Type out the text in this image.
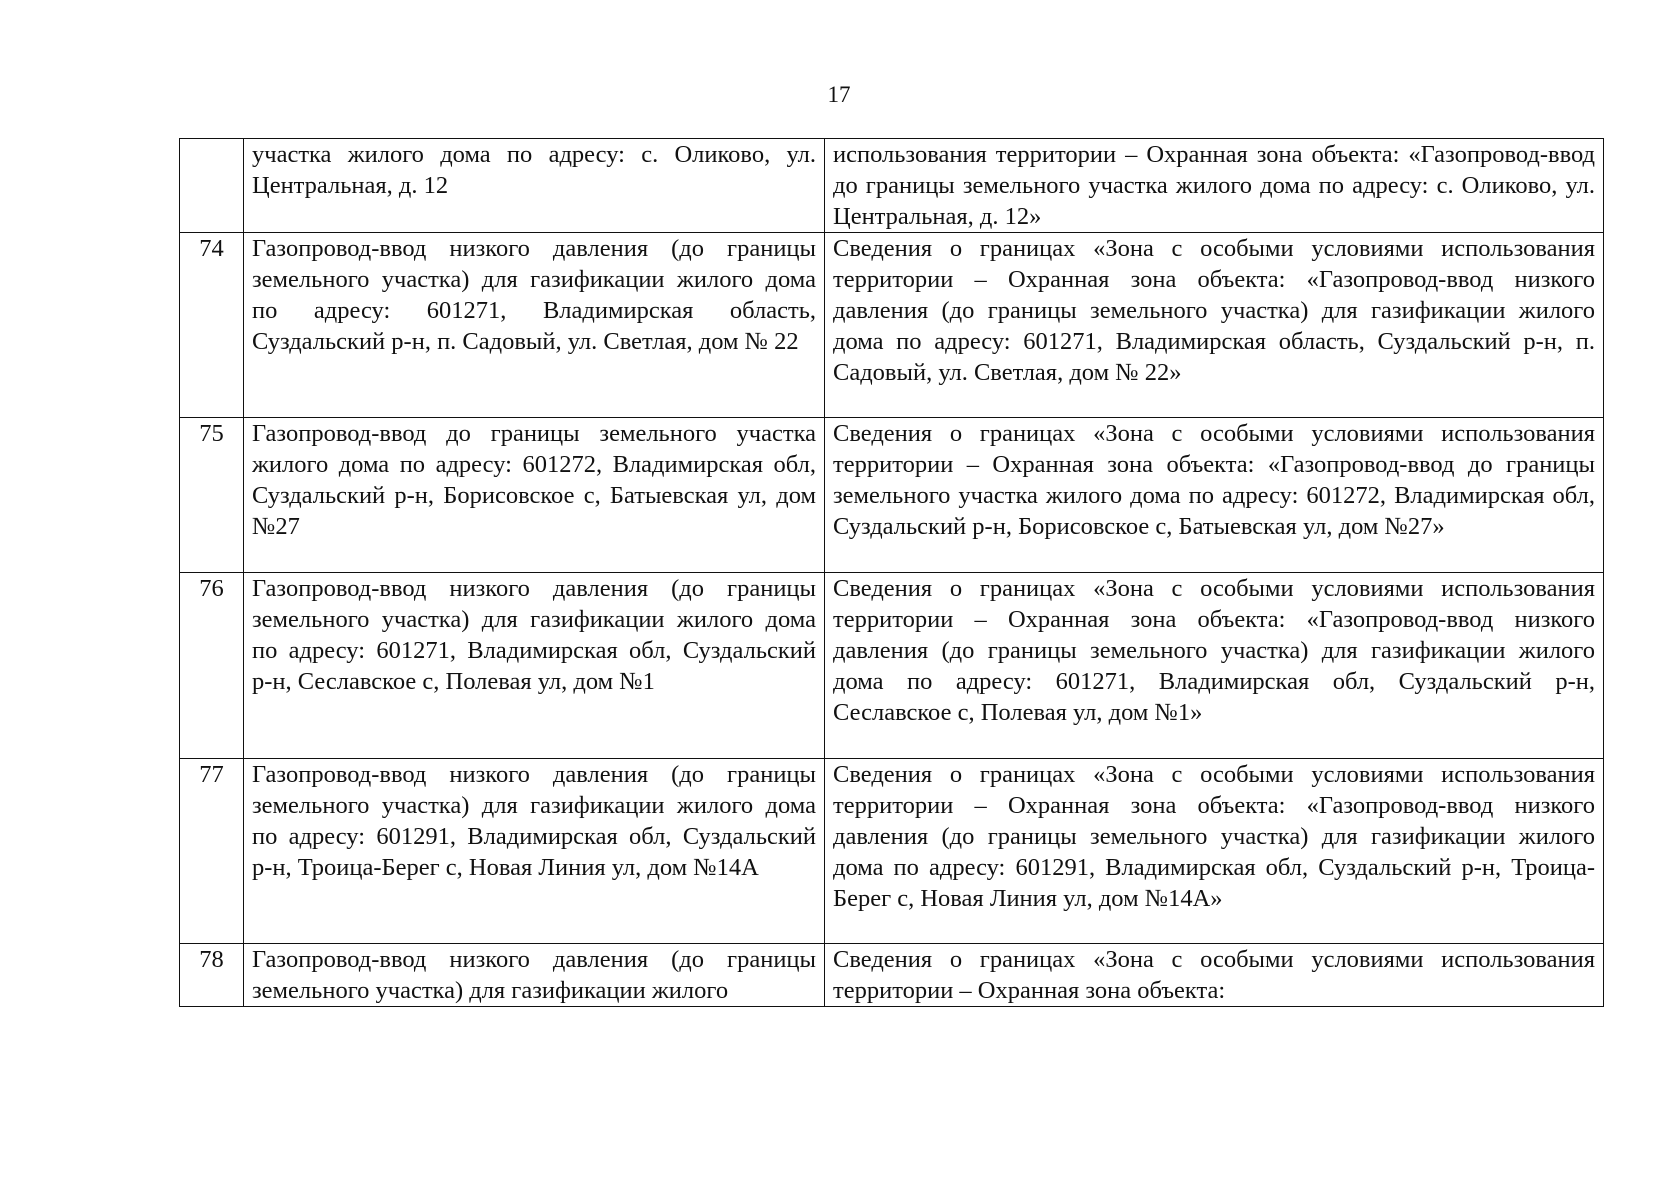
17
	участка жилого дома по адресу: с. Оликово, ул. Центральная, д. 12	использования территории – Охранная зона объекта: «Газопровод-ввод до границы земельного участка жилого дома по адресу: с. Оликово, ул. Центральная, д. 12»
74	Газопровод-ввод низкого давления (до границы земельного участка) для газификации жилого дома по адресу: 601271, Владимирская область, Суздальский р-н, п. Садовый, ул. Светлая, дом № 22	Сведения о границах «Зона с особыми условиями использования территории – Охранная зона объекта: «Газопровод-ввод низкого давления (до границы земельного участка) для газификации жилого дома по адресу: 601271, Владимирская область, Суздальский р-н, п. Садовый, ул. Светлая, дом № 22»
75	Газопровод-ввод до границы земельного участка жилого дома по адресу: 601272, Владимирская обл, Суздальский р-н, Борисовское с, Батыевская ул, дом №27	Сведения о границах «Зона с особыми условиями использования территории – Охранная зона объекта: «Газопровод-ввод до границы земельного участка жилого дома по адресу: 601272, Владимирская обл, Суздальский р-н, Борисовское с, Батыевская ул, дом №27»
76	Газопровод-ввод низкого давления (до границы земельного участка) для газификации жилого дома по адресу: 601271, Владимирская обл, Суздальский р-н, Сеславское с, Полевая ул, дом №1	Сведения о границах «Зона с особыми условиями использования территории – Охранная зона объекта: «Газопровод-ввод низкого давления (до границы земельного участка) для газификации жилого дома по адресу: 601271, Владимирская обл, Суздальский р-н, Сеславское с, Полевая ул, дом №1»
77	Газопровод-ввод низкого давления (до границы земельного участка) для газификации жилого дома по адресу: 601291, Владимирская обл, Суздальский р-н, Троица-Берег с, Новая Линия ул, дом №14А	Сведения о границах «Зона с особыми условиями использования территории – Охранная зона объекта: «Газопровод-ввод низкого давления (до границы земельного участка) для газификации жилого дома по адресу: 601291, Владимирская обл, Суздальский р-н, Троица-Берег с, Новая Линия ул, дом №14А»
78	Газопровод-ввод низкого давления (до границы земельного участка) для газификации жилого	Сведения о границах «Зона с особыми условиями использования территории – Охранная зона объекта:
